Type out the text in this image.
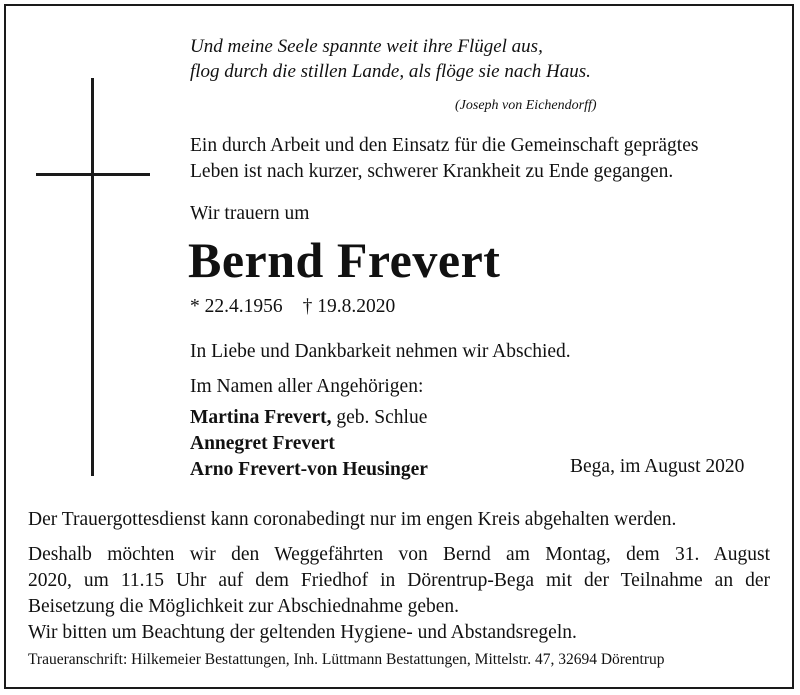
Und meine Seele spannte weit ihre Flügel aus,
flog durch die stillen Lande, als flöge sie nach Haus.
(Joseph von Eichendorff)
Ein durch Arbeit und den Einsatz für die Gemeinschaft geprägtes
Leben ist nach kurzer, schwerer Krankheit zu Ende gegangen.
Wir trauern um
Bernd Frevert
* 22.4.1956 † 19.8.2020
In Liebe und Dankbarkeit nehmen wir Abschied.
Im Namen aller Angehörigen:
Martina Frevert, geb. Schlue
Annegret Frevert
Arno Frevert-von Heusinger	Bega, im August 2020
Der Trauergottesdienst kann coronabedingt nur im engen Kreis abgehalten werden.
Deshalb möchten wir den Weggefährten von Bernd am Montag, dem 31. August
2020, um 11.15 Uhr auf dem Friedhof in Dörentrup-Bega mit der Teilnahme an der
Beisetzung die Möglichkeit zur Abschiednahme geben.
Wir bitten um Beachtung der geltenden Hygiene- und Abstandsregeln.
Traueranschrift: Hilkemeier Bestattungen, Inh. Lüttmann Bestattungen, Mittelstr. 47, 32694 Dörentrup
